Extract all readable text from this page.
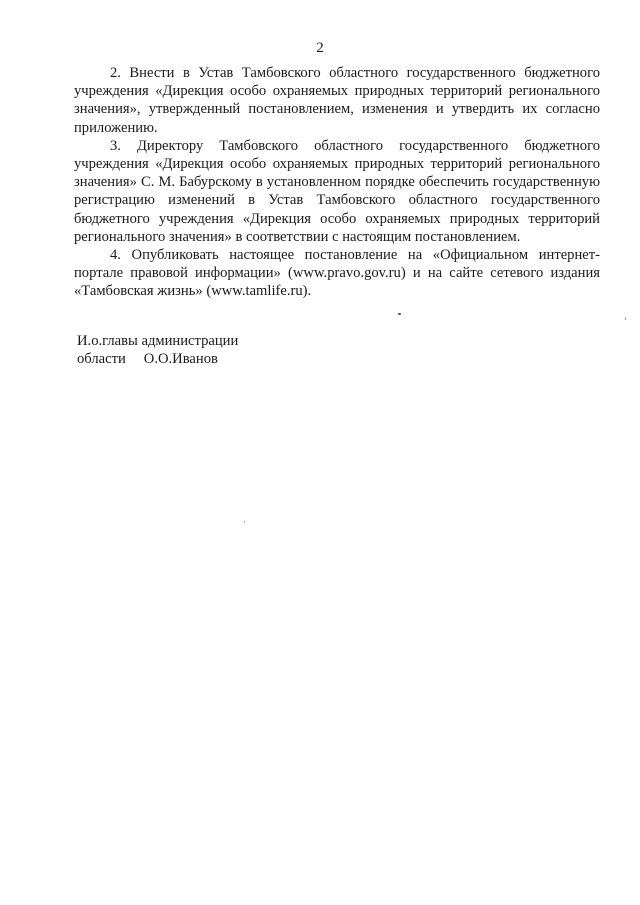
2

2. Внести в Устав Тамбовского областного государственного бюджетного учреждения «Дирекция особо охраняемых природных территорий регионального значения», утвержденный постановлением, изменения и утвердить их согласно приложению.

3. Директору Тамбовского областного государственного бюджетного учреждения «Дирекция особо охраняемых природных территорий регионального значения» С. М. Бабурскому в установленном порядке обеспечить государственную регистрацию изменений в Устав Тамбовского областного государственного бюджетного учреждения «Дирекция особо охраняемых природных территорий регионального значения» в соответствии с настоящим постановлением.

4. Опубликовать настоящее постановление на «Официальном интернет-портале правовой информации» (www.pravo.gov.ru) и на сайте сетевого издания «Тамбовская жизнь» (www.tamlife.ru).

И.о.главы администрации
области О.О.Иванов
